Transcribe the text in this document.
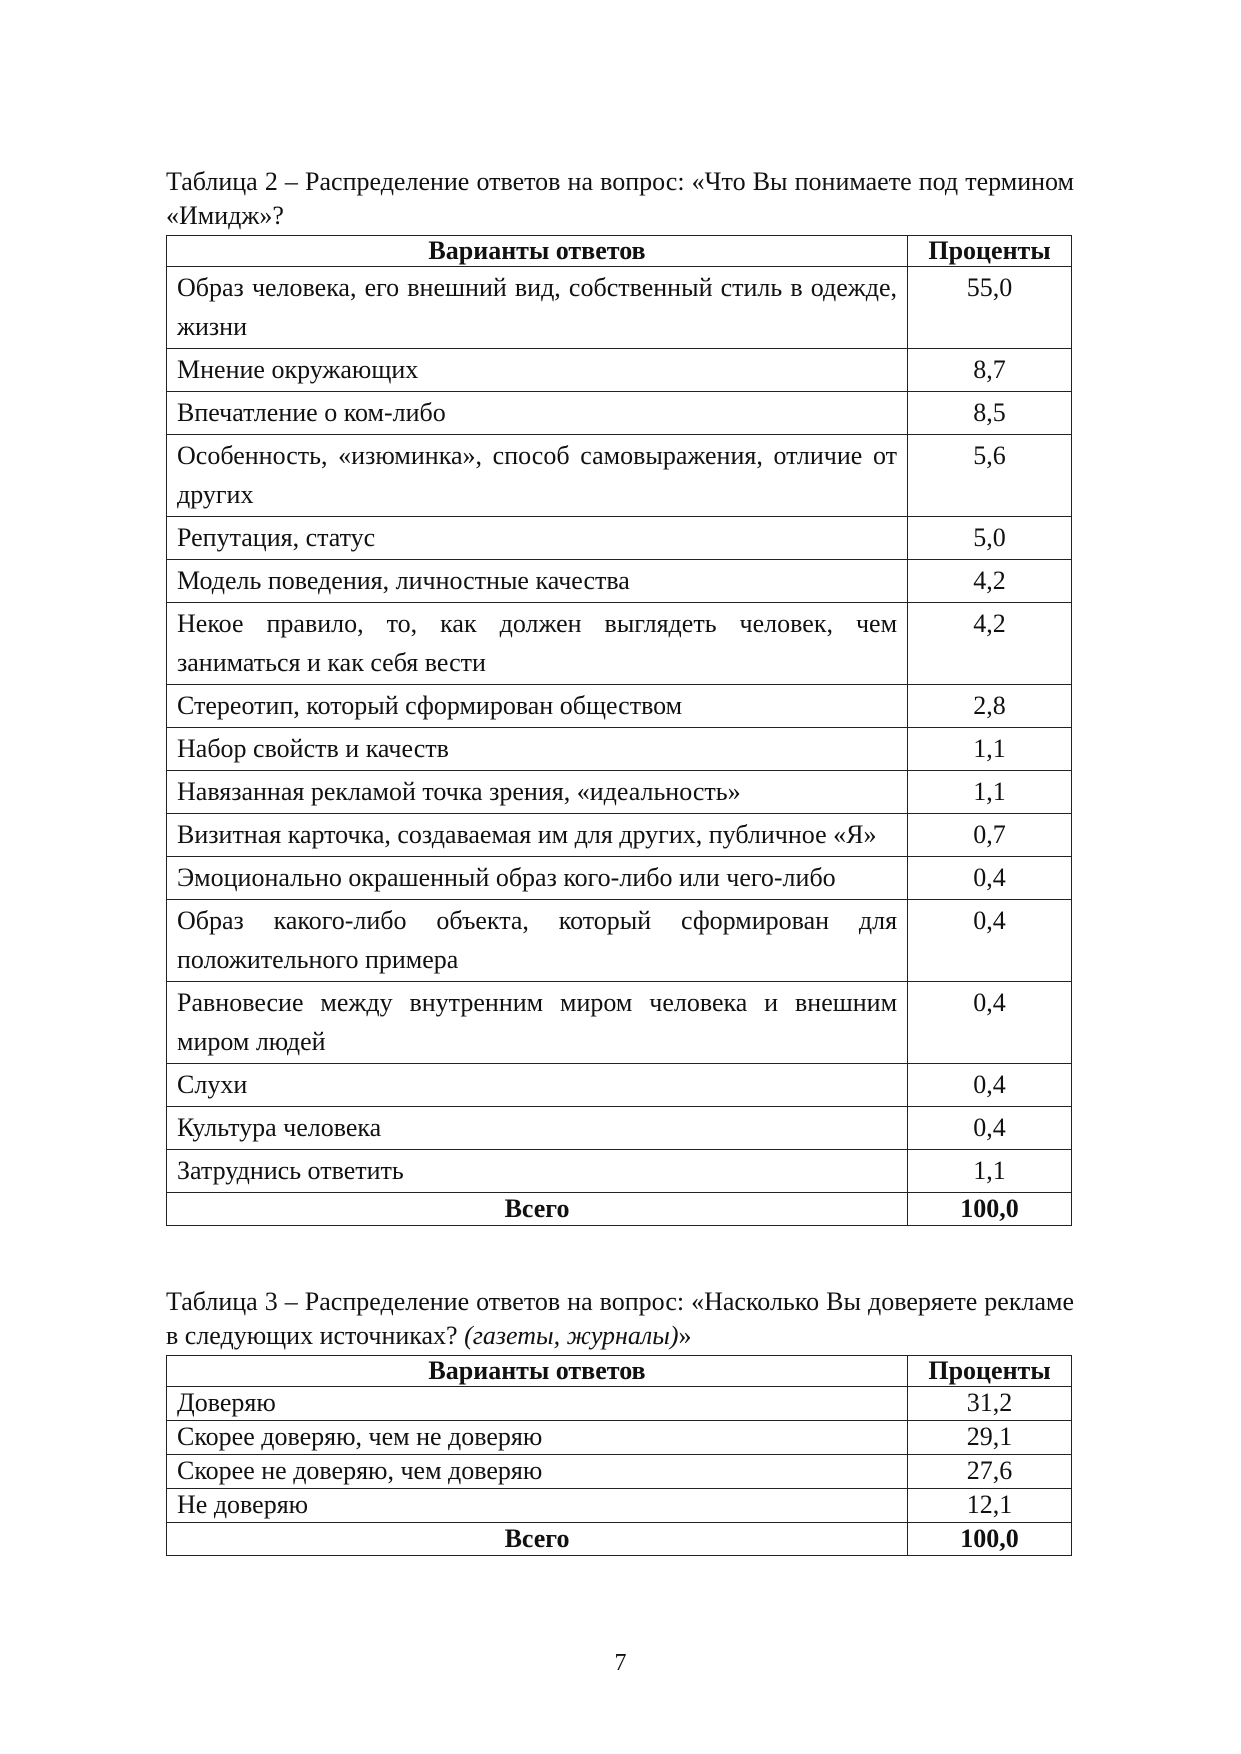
Таблица 2 – Распределение ответов на вопрос: «Что Вы понимаете под термином «Имидж»?
Варианты ответов	Проценты
Образ человека, его внешний вид, собственный стиль в одежде, жизни	55,0
Мнение окружающих	8,7
Впечатление о ком-либо	8,5
Особенность, «изюминка», способ самовыражения, отличие от других	5,6
Репутация, статус	5,0
Модель поведения, личностные качества	4,2
Некое правило, то, как должен выглядеть человек, чем заниматься и как себя вести	4,2
Стереотип, который сформирован обществом	2,8
Набор свойств и качеств	1,1
Навязанная рекламой точка зрения, «идеальность»	1,1
Визитная карточка, создаваемая им для других, публичное «Я»	0,7
Эмоционально окрашенный образ кого-либо или чего-либо	0,4
Образ какого-либо объекта, который сформирован для положительного примера	0,4
Равновесие между внутренним миром человека и внешним миром людей	0,4
Слухи	0,4
Культура человека	0,4
Затруднись ответить	1,1
Всего	100,0
Таблица 3 – Распределение ответов на вопрос: «Насколько Вы доверяете рекламе в следующих источниках? (газеты, журналы)»
Варианты ответов	Проценты
Доверяю	31,2
Скорее доверяю, чем не доверяю	29,1
Скорее не доверяю, чем доверяю	27,6
Не доверяю	12,1
Всего	100,0
7
